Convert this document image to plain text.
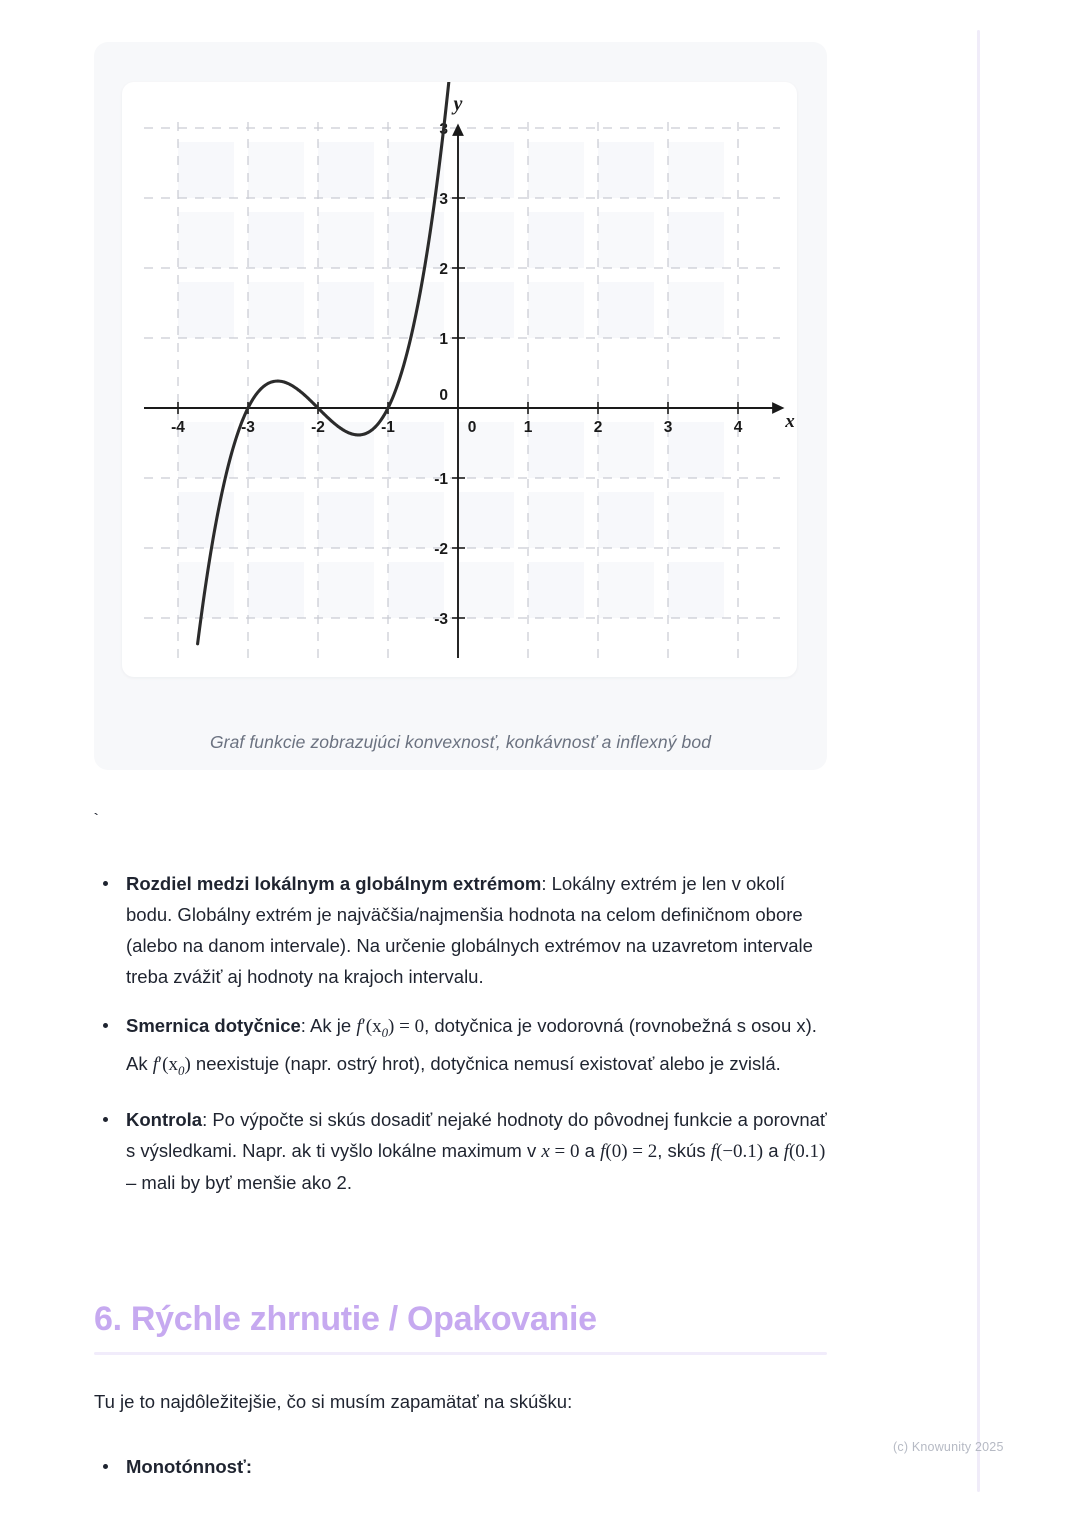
y
x
3
3
2
1
0
-1
-2
-3
-4	-3	-2	-1	0	1	2	3	4
Graf funkcie zobrazujúci konvexnosť, konkávnosť a inflexný bod
`
Rozdiel medzi lokálnym a globálnym extrémom: Lokálny extrém je len v okolí bodu. Globálny extrém je najväčšia/najmenšia hodnota na celom definičnom obore (alebo na danom intervale). Na určenie globálnych extrémov na uzavretom intervale treba zvážiť aj hodnoty na krajoch intervalu.
Smernica dotyčnice: Ak je $f'(x_0) = 0$, dotyčnica je vodorovná (rovnobežná s osou x). Ak $f'(x_0)$ neexistuje (napr. ostrý hrot), dotyčnica nemusí existovať alebo je zvislá.
Kontrola: Po výpočte si skús dosadiť nejaké hodnoty do pôvodnej funkcie a porovnať s výsledkami. Napr. ak ti vyšlo lokálne maximum v x = 0 a f(0) = 2, skús f(−0.1) a f(0.1) – mali by byť menšie ako 2.
6. Rýchle zhrnutie / Opakovanie

Tu je to najdôležitejšie, čo si musím zapamätať na skúšku:

Monotónnosť:
(c) Knowunity 2025
